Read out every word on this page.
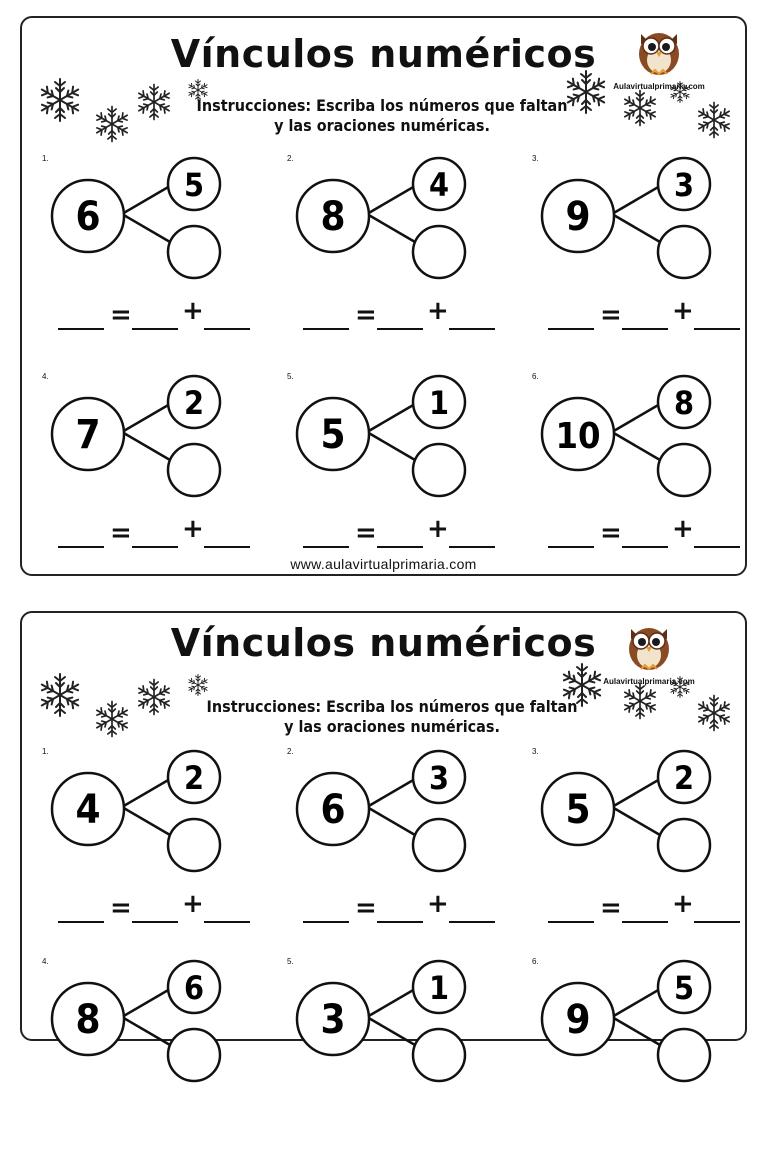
Vínculos numéricos
Aulavirtualprimaria.com
Instrucciones: Escriba los números que faltan
y las oraciones numéricas.
1.
6
5
= +
2.
8
4
= +
3.
9
3
= +
4.
7
2
= +
5.
5
1
= +
6.
10
8
= +
www.aulavirtualprimaria.com
Vínculos numéricos
Aulavirtualprimaria.com
Instrucciones: Escriba los números que faltan
y las oraciones numéricas.
1.
4
2
= +
2.
6
3
= +
3.
5
2
= +
4.
8
6
5.
3
1
6.
9
5
